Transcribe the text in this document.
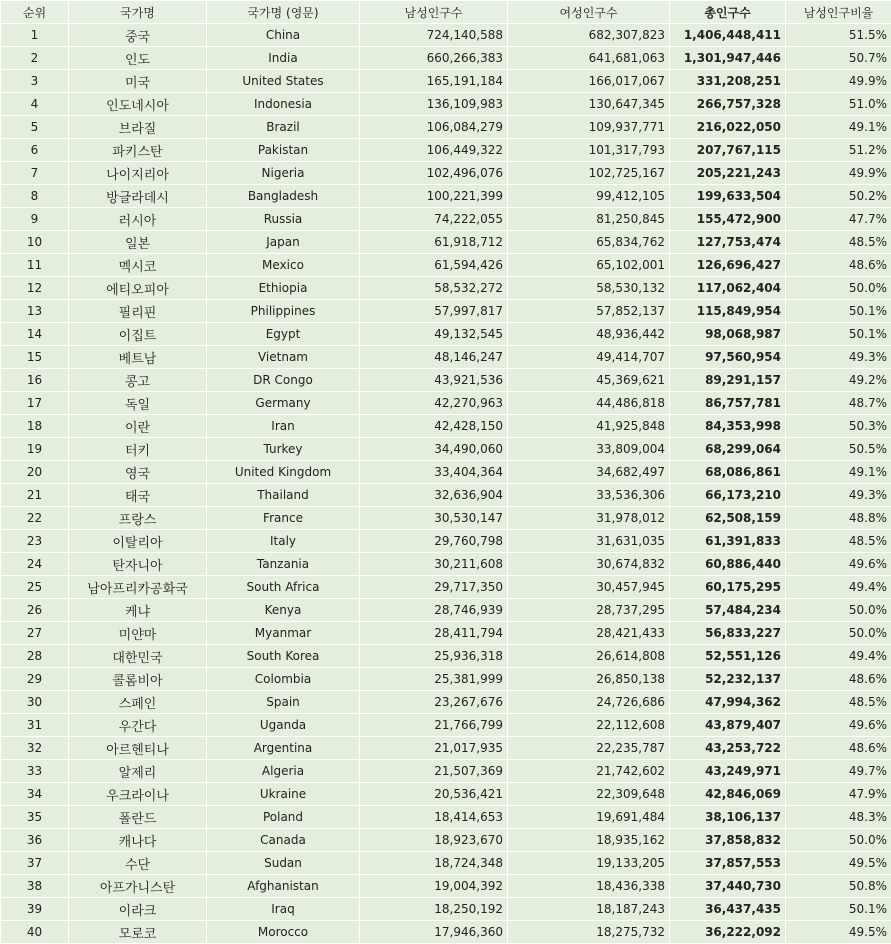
순위	국가명	국가명 (영문)	남성인구수	여성인구수	총인구수	남성인구비율
1	중국	China	724,140,588	682,307,823	1,406,448,411	51.5%
2	인도	India	660,266,383	641,681,063	1,301,947,446	50.7%
3	미국	United States	165,191,184	166,017,067	331,208,251	49.9%
4	인도네시아	Indonesia	136,109,983	130,647,345	266,757,328	51.0%
5	브라질	Brazil	106,084,279	109,937,771	216,022,050	49.1%
6	파키스탄	Pakistan	106,449,322	101,317,793	207,767,115	51.2%
7	나이지리아	Nigeria	102,496,076	102,725,167	205,221,243	49.9%
8	방글라데시	Bangladesh	100,221,399	99,412,105	199,633,504	50.2%
9	러시아	Russia	74,222,055	81,250,845	155,472,900	47.7%
10	일본	Japan	61,918,712	65,834,762	127,753,474	48.5%
11	멕시코	Mexico	61,594,426	65,102,001	126,696,427	48.6%
12	에티오피아	Ethiopia	58,532,272	58,530,132	117,062,404	50.0%
13	필리핀	Philippines	57,997,817	57,852,137	115,849,954	50.1%
14	이집트	Egypt	49,132,545	48,936,442	98,068,987	50.1%
15	베트남	Vietnam	48,146,247	49,414,707	97,560,954	49.3%
16	콩고	DR Congo	43,921,536	45,369,621	89,291,157	49.2%
17	독일	Germany	42,270,963	44,486,818	86,757,781	48.7%
18	이란	Iran	42,428,150	41,925,848	84,353,998	50.3%
19	터키	Turkey	34,490,060	33,809,004	68,299,064	50.5%
20	영국	United Kingdom	33,404,364	34,682,497	68,086,861	49.1%
21	태국	Thailand	32,636,904	33,536,306	66,173,210	49.3%
22	프랑스	France	30,530,147	31,978,012	62,508,159	48.8%
23	이탈리아	Italy	29,760,798	31,631,035	61,391,833	48.5%
24	탄자니아	Tanzania	30,211,608	30,674,832	60,886,440	49.6%
25	남아프리카공화국	South Africa	29,717,350	30,457,945	60,175,295	49.4%
26	케냐	Kenya	28,746,939	28,737,295	57,484,234	50.0%
27	미얀마	Myanmar	28,411,794	28,421,433	56,833,227	50.0%
28	대한민국	South Korea	25,936,318	26,614,808	52,551,126	49.4%
29	콜롬비아	Colombia	25,381,999	26,850,138	52,232,137	48.6%
30	스페인	Spain	23,267,676	24,726,686	47,994,362	48.5%
31	우간다	Uganda	21,766,799	22,112,608	43,879,407	49.6%
32	아르헨티나	Argentina	21,017,935	22,235,787	43,253,722	48.6%
33	알제리	Algeria	21,507,369	21,742,602	43,249,971	49.7%
34	우크라이나	Ukraine	20,536,421	22,309,648	42,846,069	47.9%
35	폴란드	Poland	18,414,653	19,691,484	38,106,137	48.3%
36	캐나다	Canada	18,923,670	18,935,162	37,858,832	50.0%
37	수단	Sudan	18,724,348	19,133,205	37,857,553	49.5%
38	아프가니스탄	Afghanistan	19,004,392	18,436,338	37,440,730	50.8%
39	이라크	Iraq	18,250,192	18,187,243	36,437,435	50.1%
40	모로코	Morocco	17,946,360	18,275,732	36,222,092	49.5%
